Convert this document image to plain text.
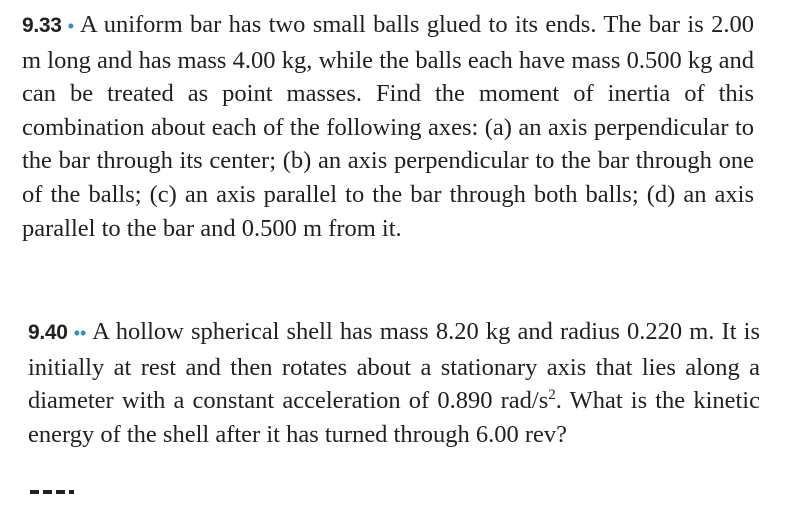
9.33 • A uniform bar has two small balls glued to its ends. The bar is 2.00 m long and has mass 4.00 kg, while the balls each have mass 0.500 kg and can be treated as point masses. Find the moment of inertia of this combination about each of the following axes: (a) an axis perpendicular to the bar through its center; (b) an axis perpendicular to the bar through one of the balls; (c) an axis parallel to the bar through both balls; (d) an axis parallel to the bar and 0.500 m from it.
9.40 •• A hollow spherical shell has mass 8.20 kg and radius 0.220 m. It is initially at rest and then rotates about a stationary axis that lies along a diameter with a constant acceleration of 0.890 rad/$s^2$. What is the kinetic energy of the shell after it has turned through 6.00 rev?
